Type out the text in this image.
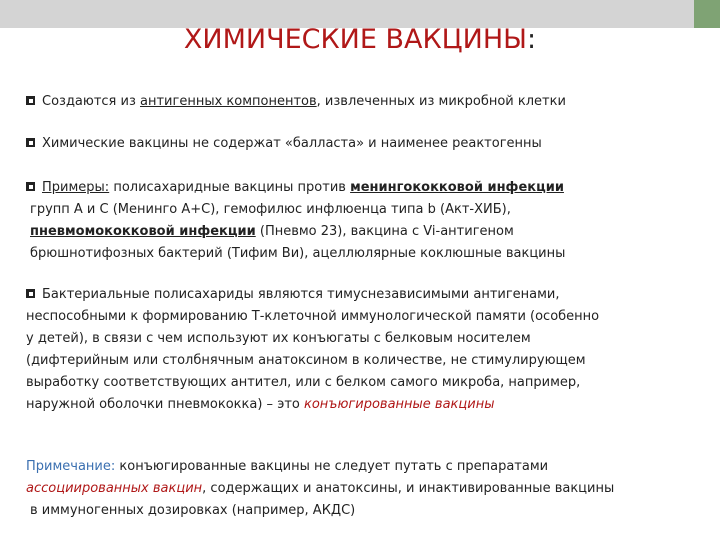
ХИМИЧЕСКИЕ ВАКЦИНЫ:
Создаются из антигенных компонентов, извлеченных из микробной клетки
Химические вакцины не содержат «балласта» и наименее реактогенны
Примеры: полисахаридные вакцины против менингококковой инфекции
групп А и С (Менинго А+С), гемофилюс инфлюенца типа b (Акт-ХИБ),
пневмомококковой инфекции (Пневмо 23), вакцина с Vi-антигеном
брюшнотифозных бактерий (Тифим Ви), ацеллюлярные коклюшные вакцины
Бактериальные полисахариды являются тимуснезависимыми антигенами,
неспособными к формированию Т-клеточной иммунологической памяти (особенно
у детей), в связи с чем используют их конъюгаты с белковым носителем
(дифтерийным или столбнячным анатоксином в количестве, не стимулирующем
выработку соответствующих антител, или с белком самого микроба, например,
наружной оболочки пневмококка) – это конъюгированные вакцины
Примечание: конъюгированные вакцины не следует путать с препаратами
ассоциированных вакцин, содержащих и анатоксины, и инактивированные вакцины
в иммуногенных дозировках (например, АКДС)
